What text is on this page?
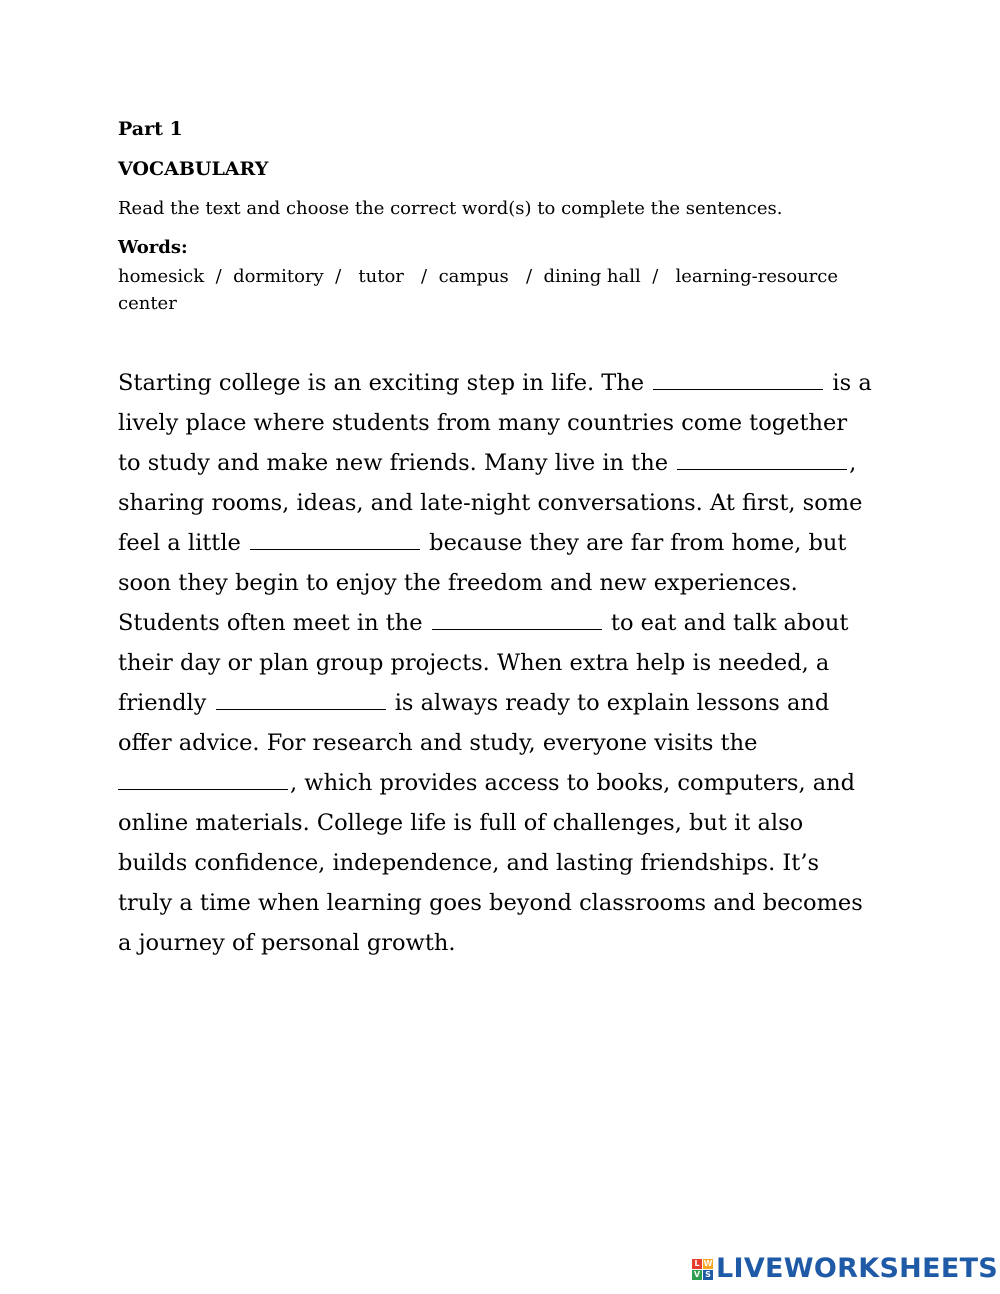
Part 1

VOCABULARY

Read the text and choose the correct word(s) to complete the sentences.

Words:

homesick  /  dormitory  /   tutor   /  campus   /  dining hall  /   learning-resource center

Starting college is an exciting step in life. The	is a
lively place where students from many countries come together
to study and make new friends. Many live in the	,
sharing rooms, ideas, and late-night conversations. At first, some
feel a little	because they are far from home, but
soon they begin to enjoy the freedom and new experiences.
Students often meet in the	to eat and talk about
their day or plan group projects. When extra help is needed, a
friendly	is always ready to explain lessons and
offer advice. For research and study, everyone visits the
, which provides access to books, computers, and
online materials. College life is full of challenges, but it also
builds confidence, independence, and lasting friendships. It’s
truly a time when learning goes beyond classrooms and becomes
a journey of personal growth.
L W
V S LIVEWORKSHEETS
